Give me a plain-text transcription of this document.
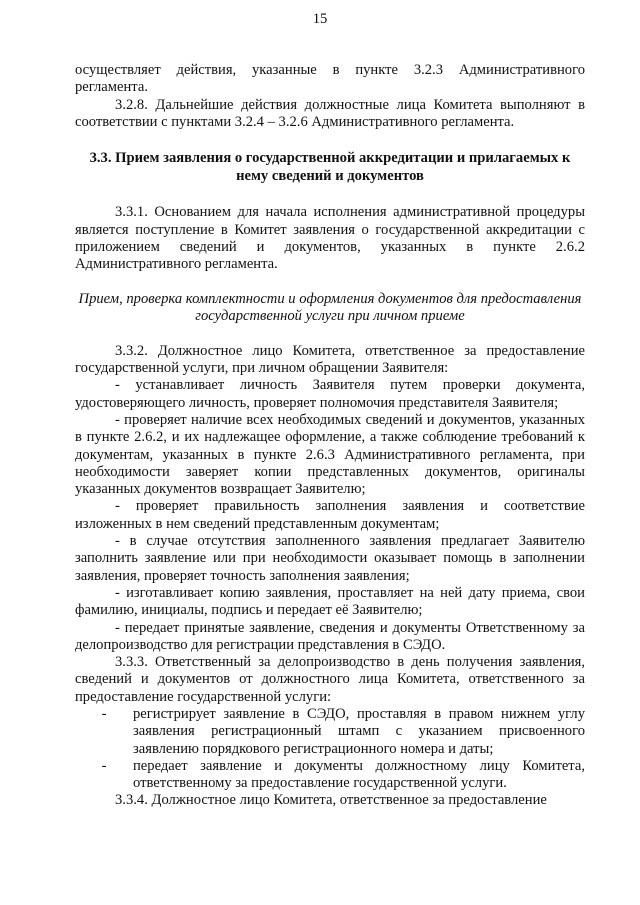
15

осуществляет действия, указанные в пункте 3.2.3 Административного регламента.

3.2.8. Дальнейшие действия должностные лица Комитета выполняют в соответствии с пунктами 3.2.4 – 3.2.6 Административного регламента.

3.3. Прием заявления о государственной аккредитации и прилагаемых к нему сведений и документов

3.3.1. Основанием для начала исполнения административной процедуры является поступление в Комитет заявления о государственной аккредитации с приложением сведений и документов, указанных в пункте 2.6.2 Административного регламента.

Прием, проверка комплектности и оформления документов для предоставления государственной услуги при личном приеме

3.3.2. Должностное лицо Комитета, ответственное за предоставление государственной услуги, при личном обращении Заявителя:

- устанавливает личность Заявителя путем проверки документа, удостоверяющего личность, проверяет полномочия представителя Заявителя;

- проверяет наличие всех необходимых сведений и документов, указанных в пункте 2.6.2, и их надлежащее оформление, а также соблюдение требований к документам, указанных в пункте 2.6.3 Административного регламента, при необходимости заверяет копии представленных документов, оригиналы указанных документов возвращает Заявителю;

- проверяет правильность заполнения заявления и соответствие изложенных в нем сведений представленным документам;

- в случае отсутствия заполненного заявления предлагает Заявителю заполнить заявление или при необходимости оказывает помощь в заполнении заявления, проверяет точность заполнения заявления;

- изготавливает копию заявления, проставляет на ней дату приема, свои фамилию, инициалы, подпись и передает её Заявителю;

- передает принятые заявление, сведения и документы Ответственному за делопроизводство для регистрации представления в СЭДО.

3.3.3. Ответственный за делопроизводство в день получения заявления, сведений и документов от должностного лица Комитета, ответственного за предоставление государственной услуги:

-	регистрирует заявление в СЭДО, проставляя в правом нижнем углу заявления регистрационный штамп с указанием присвоенного заявлению порядкового регистрационного номера и даты;

-	передает заявление и документы должностному лицу Комитета, ответственному за предоставление государственной услуги.

3.3.4. Должностное лицо Комитета, ответственное за предоставление
